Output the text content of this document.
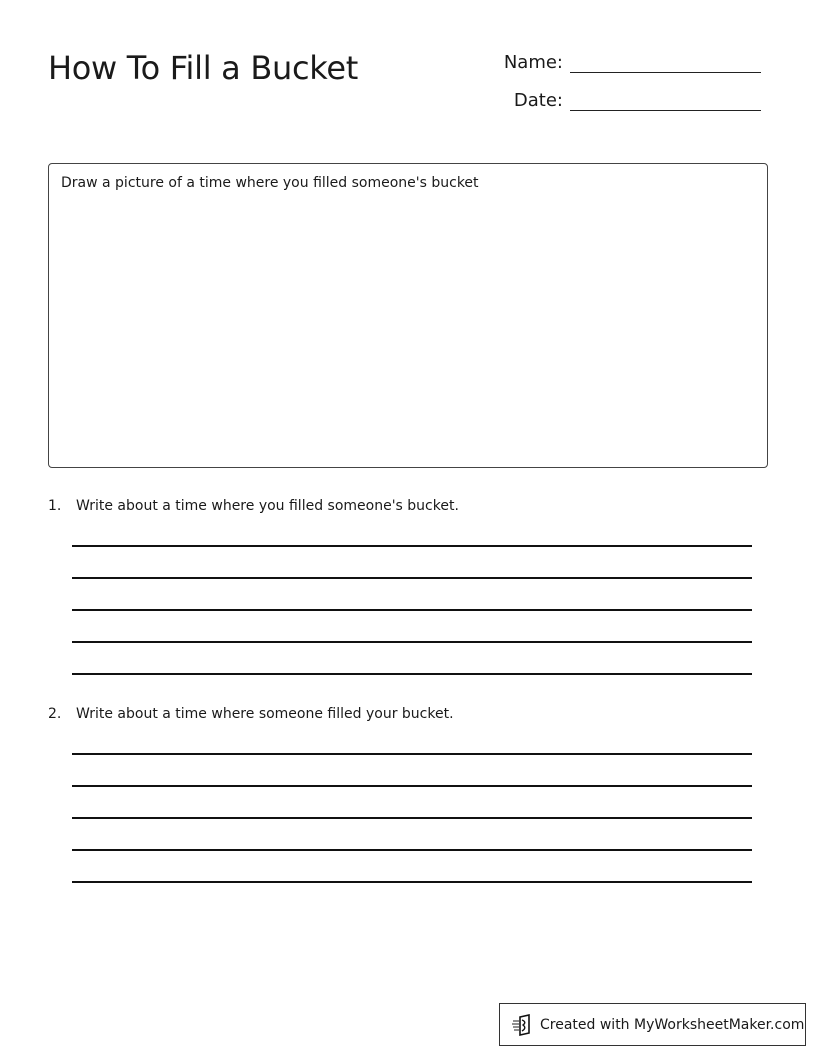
How To Fill a Bucket	Name:
Date:
Draw a picture of a time where you filled someone's bucket
1.	Write about a time where you filled someone's bucket.
2.	Write about a time where someone filled your bucket.
Created with MyWorksheetMaker.com
